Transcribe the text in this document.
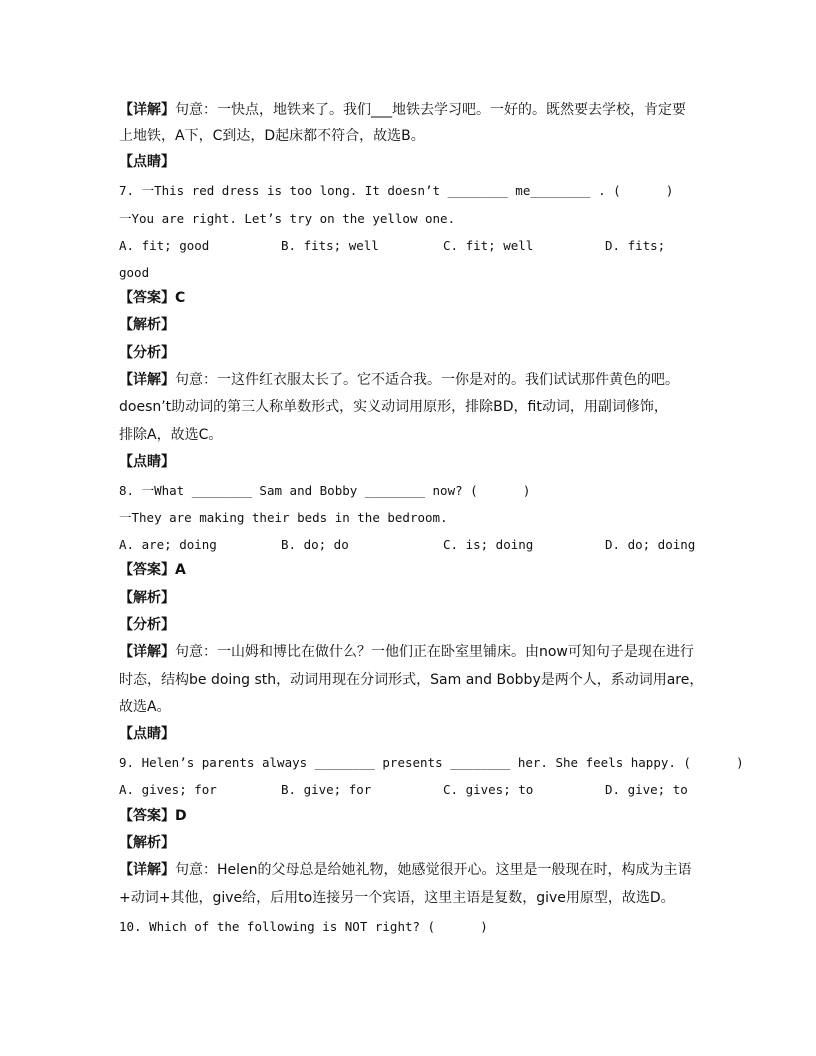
【详解】句意：一快点，地铁来了。我们___地铁去学习吧。一好的。既然要去学校，肯定要
上地铁，A下，C到达，D起床都不符合，故选B。
【点睛】
7. 一This red dress is too long. It doesn’t ________ me________ . (      )
一You are right. Let’s try on the yellow one.
A. fit; good	B. fits; well	C. fit; well	D. fits;
good
【答案】C
【解析】
【分析】
【详解】句意：一这件红衣服太长了。它不适合我。一你是对的。我们试试那件黄色的吧。
doesn’t助动词的第三人称单数形式，实义动词用原形，排除BD，fit动词，用副词修饰，
排除A，故选C。
【点睛】
8. 一What ________ Sam and Bobby ________ now? (      )
一They are making their beds in the bedroom.
A. are; doing	B. do; do	C. is; doing	D. do; doing
【答案】A
【解析】
【分析】
【详解】句意：一山姆和博比在做什么？一他们正在卧室里铺床。由now可知句子是现在进行
时态，结构be doing sth，动词用现在分词形式，Sam and Bobby是两个人，系动词用are，
故选A。
【点睛】
9. Helen’s parents always ________ presents ________ her. She feels happy. (      )
A. gives; for	B. give; for	C. gives; to	D. give; to
【答案】D
【解析】
【详解】句意：Helen的父母总是给她礼物，她感觉很开心。这里是一般现在时，构成为主语
+动词+其他，give给，后用to连接另一个宾语，这里主语是复数，give用原型，故选D。
10. Which of the following is NOT right? (      )
